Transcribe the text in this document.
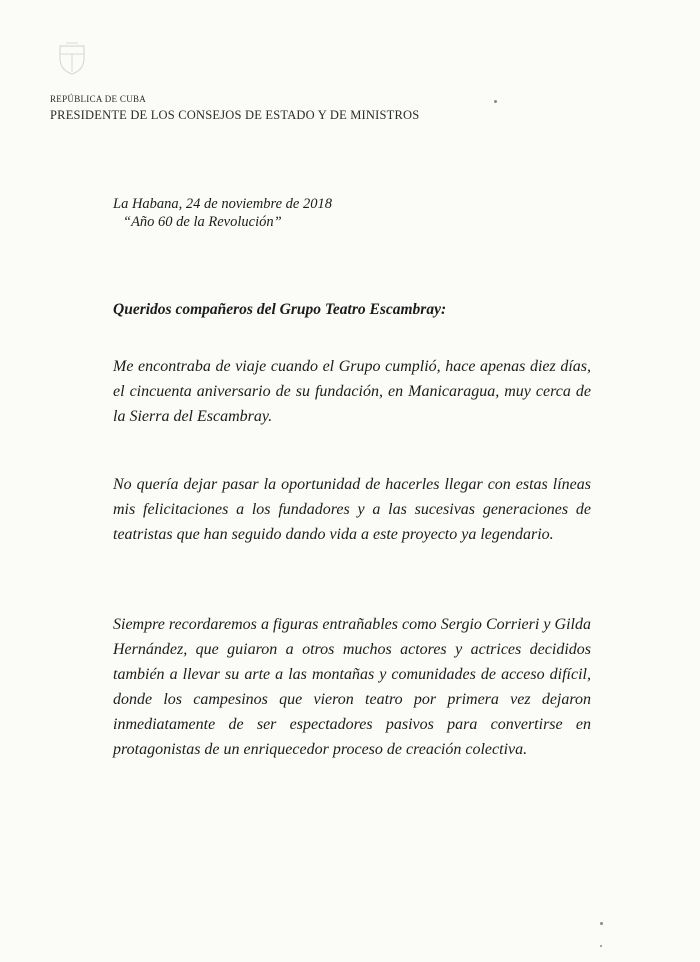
REPÚBLICA DE CUBA
PRESIDENTE DE LOS CONSEJOS DE ESTADO Y DE MINISTROS
La Habana, 24 de noviembre de 2018
“Año 60 de la Revolución”
Queridos compañeros del Grupo Teatro Escambray:

Me encontraba de viaje cuando el Grupo cumplió, hace apenas diez días, el cincuenta aniversario de su fundación, en Manicaragua, muy cerca de la Sierra del Escambray.

No quería dejar pasar la oportunidad de hacerles llegar con estas líneas mis felicitaciones a los fundadores y a las sucesivas generaciones de teatristas que han seguido dando vida a este proyecto ya legendario.

Siempre recordaremos a figuras entrañables como Sergio Corrieri y Gilda Hernández, que guiaron a otros muchos actores y actrices decididos también a llevar su arte a las montañas y comunidades de acceso difícil, donde los campesinos que vieron teatro por primera vez dejaron inmediatamente de ser espectadores pasivos para convertirse en protagonistas de un enriquecedor proceso de creación colectiva.
